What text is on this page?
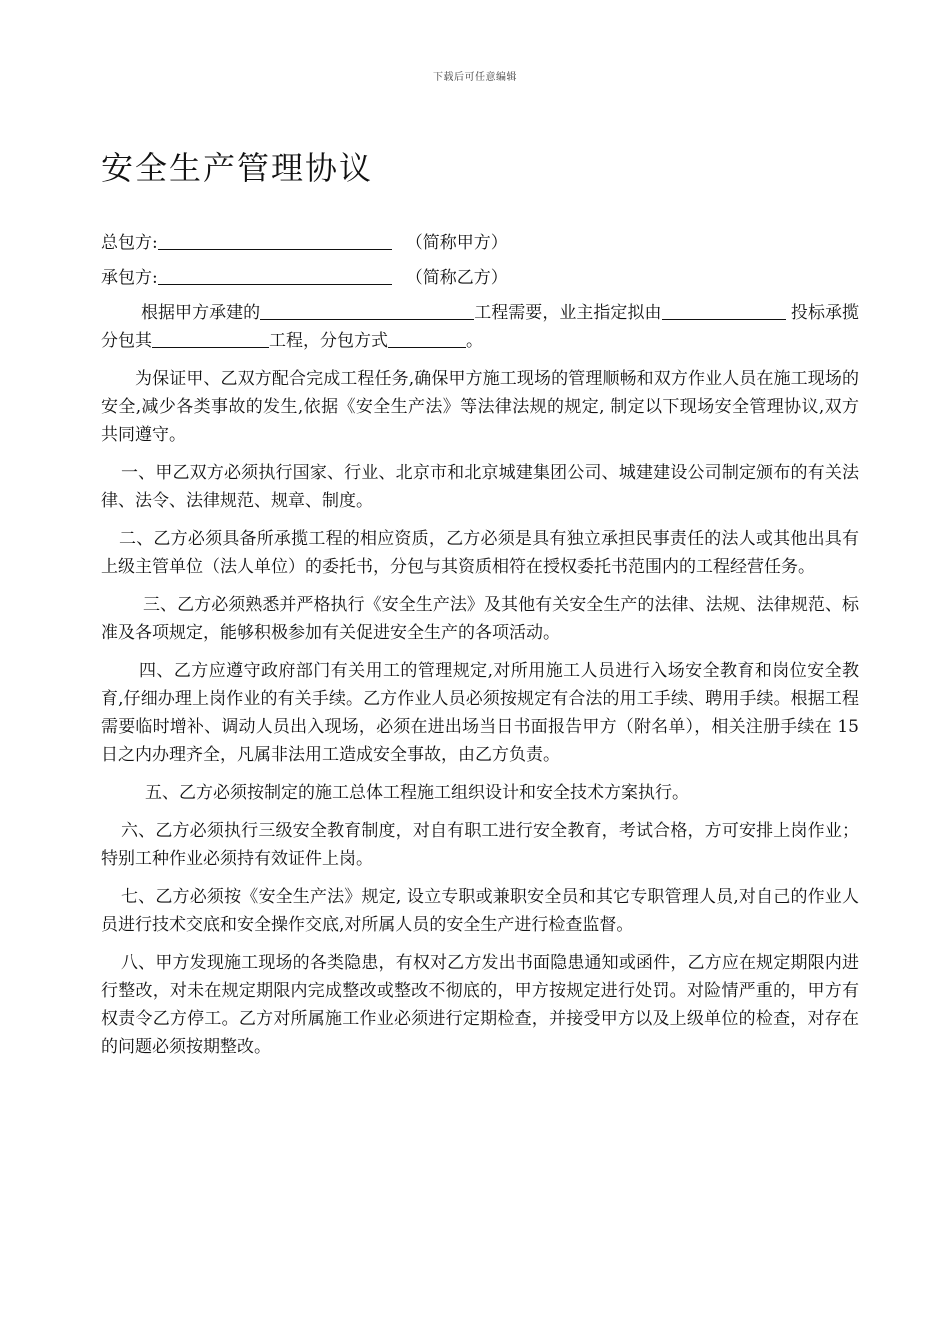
下载后可任意编辑
安全生产管理协议
总包方:	（简称甲方）
承包方:	（简称乙方）

根据甲方承建的	工程需要，业主指定拟由	投标承揽分包其	工程，分包方式	。

为保证甲、乙双方配合完成工程任务,确保甲方施工现场的管理顺畅和双方作业人员在施工现场的安全,减少各类事故的发生,依据《安全生产法》等法律法规的规定, 制定以下现场安全管理协议,双方共同遵守。

一、甲乙双方必须执行国家、行业、北京市和北京城建集团公司、城建建设公司制定颁布的有关法律、法令、法律规范、规章、制度。

二、乙方必须具备所承揽工程的相应资质，乙方必须是具有独立承担民事责任的法人或其他出具有上级主管单位（法人单位）的委托书，分包与其资质相符在授权委托书范围内的工程经营任务。

三、乙方必须熟悉并严格执行《安全生产法》及其他有关安全生产的法律、法规、法律规范、标准及各项规定，能够积极参加有关促进安全生产的各项活动。

四、乙方应遵守政府部门有关用工的管理规定,对所用施工人员进行入场安全教育和岗位安全教育,仔细办理上岗作业的有关手续。乙方作业人员必须按规定有合法的用工手续、聘用手续。根据工程需要临时增补、调动人员出入现场，必须在进出场当日书面报告甲方（附名单），相关注册手续在 15 日之内办理齐全，凡属非法用工造成安全事故，由乙方负责。

五、乙方必须按制定的施工总体工程施工组织设计和安全技术方案执行。

六、乙方必须执行三级安全教育制度，对自有职工进行安全教育，考试合格，方可安排上岗作业；特别工种作业必须持有效证件上岗。

七、乙方必须按《安全生产法》规定, 设立专职或兼职安全员和其它专职管理人员,对自己的作业人员进行技术交底和安全操作交底,对所属人员的安全生产进行检查监督。

八、甲方发现施工现场的各类隐患，有权对乙方发出书面隐患通知或函件，乙方应在规定期限内进行整改，对未在规定期限内完成整改或整改不彻底的，甲方按规定进行处罚。对险情严重的，甲方有权责令乙方停工。乙方对所属施工作业必须进行定期检查，并接受甲方以及上级单位的检查，对存在的问题必须按期整改。
